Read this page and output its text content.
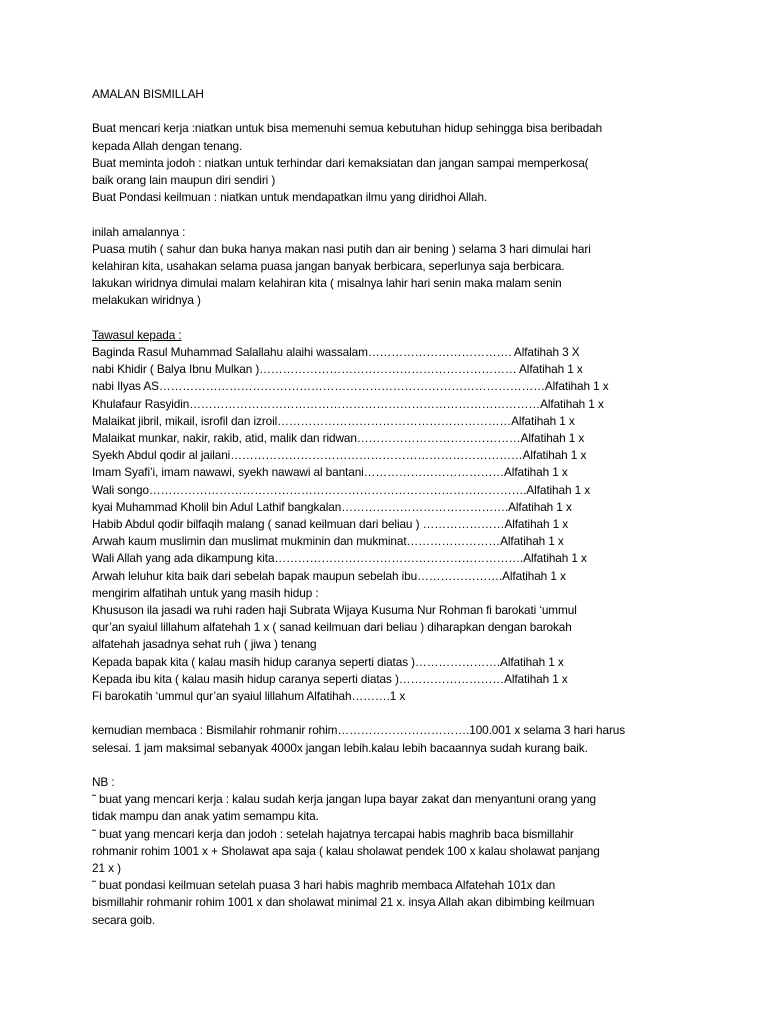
AMALAN BISMILLAH
Buat mencari kerja :niatkan untuk bisa memenuhi semua kebutuhan hidup sehingga bisa beribadah
kepada Allah dengan tenang.
Buat meminta jodoh : niatkan untuk terhindar dari kemaksiatan dan jangan sampai memperkosa(
baik orang lain maupun diri sendiri )
Buat Pondasi keilmuan : niatkan untuk mendapatkan ilmu yang diridhoi Allah.
inilah amalannya :
Puasa mutih ( sahur dan buka hanya makan nasi putih dan air bening ) selama 3 hari dimulai hari
kelahiran kita, usahakan selama puasa jangan banyak berbicara, seperlunya saja berbicara.
lakukan wiridnya dimulai malam kelahiran kita ( misalnya lahir hari senin maka malam senin
melakukan wiridnya )
Tawasul kepada :
Baginda Rasul Muhammad Salallahu alaihi wassalam………………………………. Alfatihah 3 X
nabi Khidir ( Balya Ibnu Mulkan )………………………………………………………… Alfatihah 1 x
nabi Ilyas AS………………………………………………………………………………………Alfatihah 1 x
Khulafaur Rasyidin………………………………………………………………………………Alfatihah 1 x
Malaikat jibril, mikail, isrofil dan izroil……………………………………………………Alfatihah 1 x
Malaikat munkar, nakir, rakib, atid, malik dan ridwan……………………………………Alfatihah 1 x
Syekh Abdul qodir al jailani…………………………………………………………………Alfatihah 1 x
Imam Syafi’i, imam nawawi, syekh nawawi al bantani………………………………Alfatihah 1 x
Wali songo…………………………………………………………………………………….Alfatihah 1 x
kyai Muhammad Kholil bin Adul Lathif bangkalan…………………………………….Alfatihah 1 x
Habib Abdul qodir bilfaqih malang ( sanad keilmuan dari beliau ) …………………Alfatihah 1 x
Arwah kaum muslimin dan muslimat mukminin dan mukminat……………………Alfatihah 1 x
Wali Allah yang ada dikampung kita……………………………………………………….Alfatihah 1 x
Arwah leluhur kita baik dari sebelah bapak maupun sebelah ibu………………….Alfatihah 1 x
mengirim alfatihah untuk yang masih hidup :
Khususon ila jasadi wa ruhi raden haji Subrata Wijaya Kusuma Nur Rohman fi barokati ‘ummul
qur’an syaiul lillahum alfatehah 1 x ( sanad keilmuan dari beliau ) diharapkan dengan barokah
alfatehah jasadnya sehat ruh ( jiwa ) tenang
Kepada bapak kita ( kalau masih hidup caranya seperti diatas )………………….Alfatihah 1 x
Kepada ibu kita ( kalau masih hidup caranya seperti diatas )………………………Alfatihah 1 x
Fi barokatih ‘ummul qur’an syaiul lillahum Alfatihah……….1 x
kemudian membaca : Bismilahir rohmanir rohim…………………………….100.001 x selama 3 hari harus
selesai. 1 jam maksimal sebanyak 4000x jangan lebih.kalau lebih bacaannya sudah kurang baik.
NB :
˜ buat yang mencari kerja : kalau sudah kerja jangan lupa bayar zakat dan menyantuni orang yang
tidak mampu dan anak yatim semampu kita.
˜ buat yang mencari kerja dan jodoh : setelah hajatnya tercapai habis maghrib baca bismillahir
rohmanir rohim 1001 x + Sholawat apa saja ( kalau sholawat pendek 100 x kalau sholawat panjang
21 x )
˜ buat pondasi keilmuan setelah puasa 3 hari habis maghrib membaca Alfatehah 101x dan
bismillahir rohmanir rohim 1001 x dan sholawat minimal 21 x. insya Allah akan dibimbing keilmuan
secara goib.
